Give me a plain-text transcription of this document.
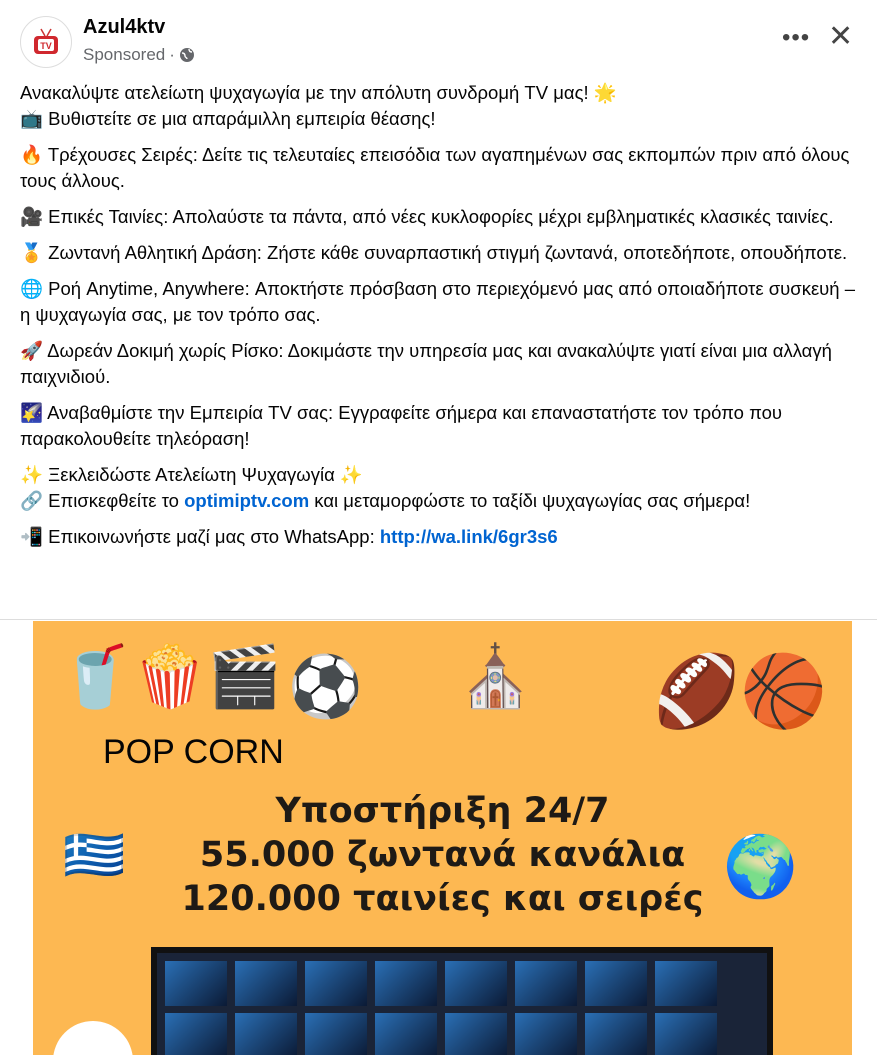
TV
Azul4ktv
Sponsored ·
••• ✕

Ανακαλύψτε ατελείωτη ψυχαγωγία με την απόλυτη συνδρομή TV μας! 🌟
📺 Βυθιστείτε σε μια απαράμιλλη εμπειρία θέασης!

🔥 Τρέχουσες Σειρές: Δείτε τις τελευταίες επεισόδια των αγαπημένων σας εκπομπών πριν από όλους τους άλλους.

🎥 Επικές Ταινίες: Απολαύστε τα πάντα, από νέες κυκλοφορίες μέχρι εμβληματικές κλασικές ταινίες.

🏅 Ζωντανή Αθλητική Δράση: Ζήστε κάθε συναρπαστική στιγμή ζωντανά, οποτεδήποτε, οπουδήποτε.

🌐 Ροή Anytime, Anywhere: Αποκτήστε πρόσβαση στο περιεχόμενό μας από οποιαδήποτε συσκευή – η ψυχαγωγία σας, με τον τρόπο σας.

🚀 Δωρεάν Δοκιμή χωρίς Ρίσκο: Δοκιμάστε την υπηρεσία μας και ανακαλύψτε γιατί είναι μια αλλαγή παιχνιδιού.

🌠 Αναβαθμίστε την Εμπειρία TV σας: Εγγραφείτε σήμερα και επαναστατήστε τον τρόπο που παρακολουθείτε τηλεόραση!

✨ Ξεκλειδώστε Ατελείωτη Ψυχαγωγία ✨
🔗 Επισκεφθείτε το optimiptv.com και μεταμορφώστε το ταξίδι ψυχαγωγίας σας σήμερα!

📲 Επικοινωνήστε μαζί μας στο WhatsApp: http://wa.link/6gr3s6

🥤🍿🎬
POP CORN
⚽ ⛪ 🏈🏀
🇬🇷	🌍
Υποστήριξη 24/7
55.000 ζωντανά κανάλια
120.000 ταινίες και σειρές
